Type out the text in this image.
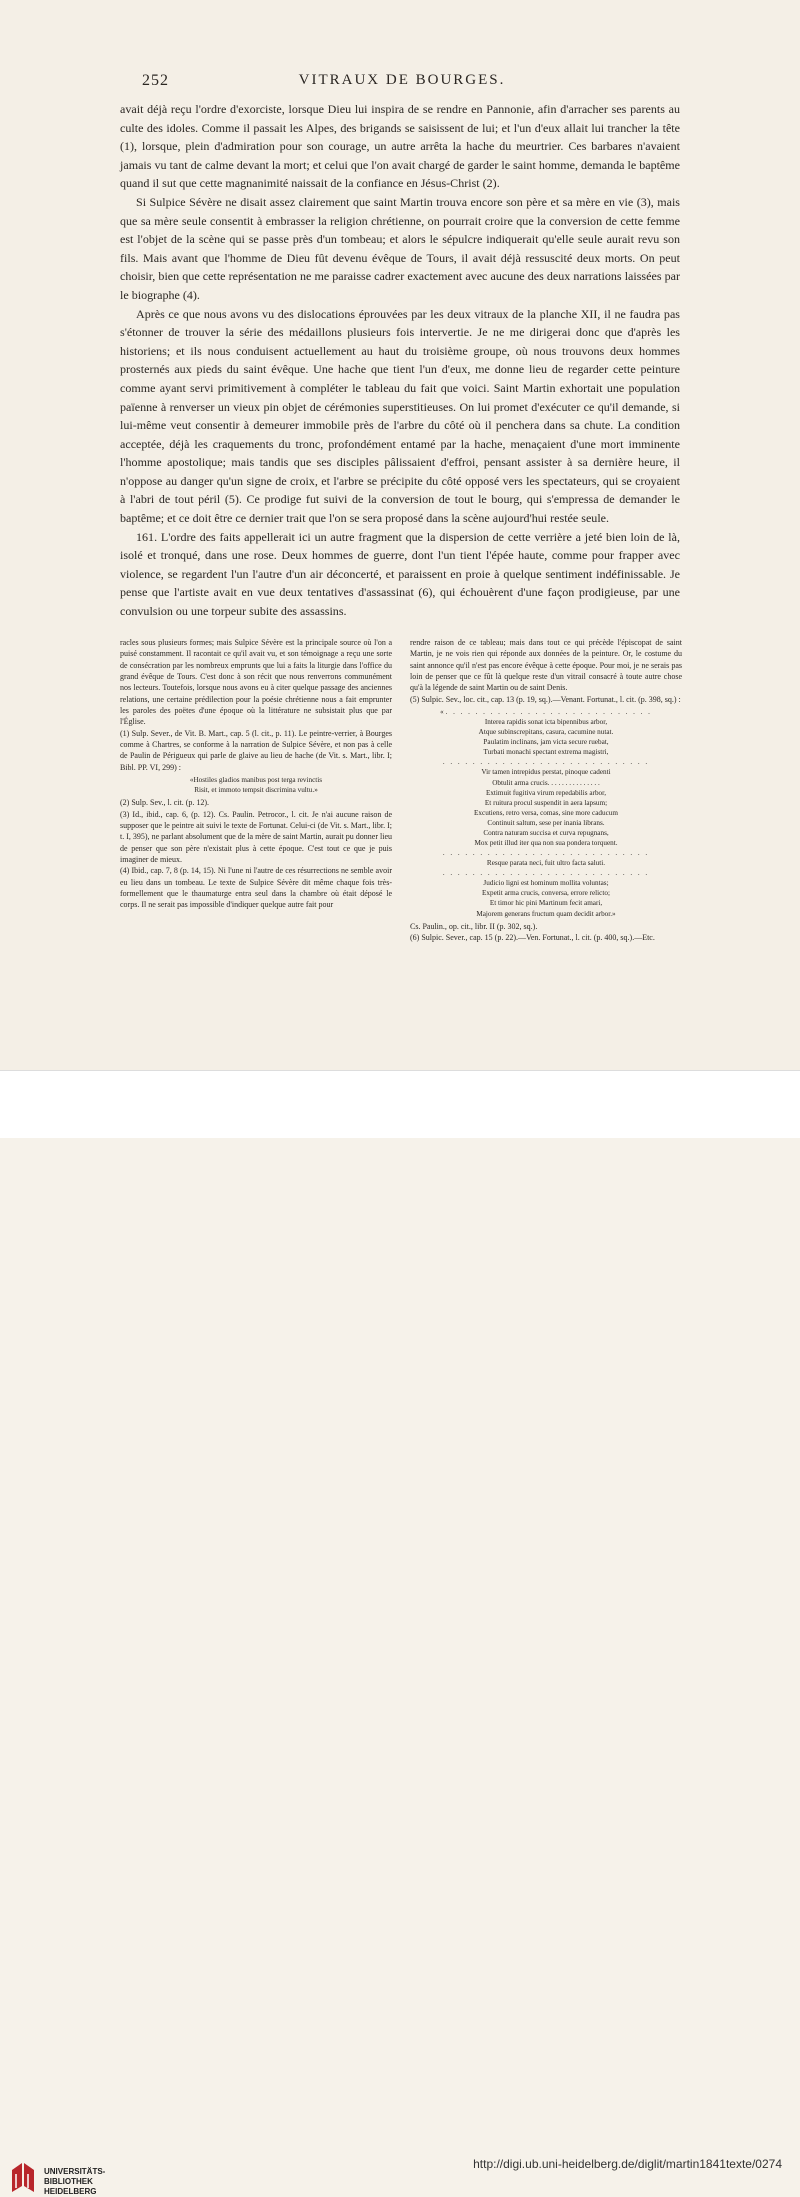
252	VITRAUX DE BOURGES.

avait déjà reçu l'ordre d'exorciste, lorsque Dieu lui inspira de se rendre en Pannonie, afin d'arracher ses parents au culte des idoles. Comme il passait les Alpes, des brigands se saisissent de lui; et l'un d'eux allait lui trancher la tête (1), lorsque, plein d'admiration pour son courage, un autre arrêta la hache du meurtrier. Ces barbares n'avaient jamais vu tant de calme devant la mort; et celui que l'on avait chargé de garder le saint homme, demanda le baptême quand il sut que cette magnanimité naissait de la confiance en Jésus-Christ (2).

Si Sulpice Sévère ne disait assez clairement que saint Martin trouva encore son père et sa mère en vie (3), mais que sa mère seule consentit à embrasser la religion chrétienne, on pourrait croire que la conversion de cette femme est l'objet de la scène qui se passe près d'un tombeau; et alors le sépulcre indiquerait qu'elle seule aurait revu son fils. Mais avant que l'homme de Dieu fût devenu évêque de Tours, il avait déjà ressuscité deux morts. On peut choisir, bien que cette représentation ne me paraisse cadrer exactement avec aucune des deux narrations laissées par le biographe (4).

Après ce que nous avons vu des dislocations éprouvées par les deux vitraux de la planche XII, il ne faudra pas s'étonner de trouver la série des médaillons plusieurs fois intervertie. Je ne me dirigerai donc que d'après les historiens; et ils nous conduisent actuellement au haut du troisième groupe, où nous trouvons deux hommes prosternés aux pieds du saint évêque. Une hache que tient l'un d'eux, me donne lieu de regarder cette peinture comme ayant servi primitivement à compléter le tableau du fait que voici. Saint Martin exhortait une population païenne à renverser un vieux pin objet de cérémonies superstitieuses. On lui promet d'exécuter ce qu'il demande, si lui-même veut consentir à demeurer immobile près de l'arbre du côté où il penchera dans sa chute. La condition acceptée, déjà les craquements du tronc, profondément entamé par la hache, menaçaient d'une mort imminente l'homme apostolique; mais tandis que ses disciples pâlissaient d'effroi, pensant assister à sa dernière heure, il n'oppose au danger qu'un signe de croix, et l'arbre se précipite du côté opposé vers les spectateurs, qui se croyaient à l'abri de tout péril (5). Ce prodige fut suivi de la conversion de tout le bourg, qui s'empressa de demander le baptême; et ce doit être ce dernier trait que l'on se sera proposé dans la scène aujourd'hui restée seule.

161. L'ordre des faits appellerait ici un autre fragment que la dispersion de cette verrière a jeté bien loin de là, isolé et tronqué, dans une rose. Deux hommes de guerre, dont l'un tient l'épée haute, comme pour frapper avec violence, se regardent l'un l'autre d'un air déconcerté, et paraissent en proie à quelque sentiment indéfinissable. Je pense que l'artiste avait en vue deux tentatives d'assassinat (6), qui échouèrent d'une façon prodigieuse, par une convulsion ou une torpeur subite des assassins.

racles sous plusieurs formes; mais Sulpice Sévère est la principale source où l'on a puisé constamment. Il racontait ce qu'il avait vu, et son témoignage a reçu une sorte de consécration par les nombreux emprunts que lui a faits la liturgie dans l'office du grand évêque de Tours. C'est donc à son récit que nous renverrons communément nos lecteurs. Toutefois, lorsque nous avons eu à citer quelque passage des anciennes relations, une certaine prédilection pour la poésie chrétienne nous a fait emprunter les paroles des poëtes d'une époque où la littérature ne subsistait plus que par l'Église.

(1) Sulp. Sever., de Vit. B. Mart., cap. 5 (l. cit., p. 11). Le peintre-verrier, à Bourges comme à Chartres, se conforme à la narration de Sulpice Sévère, et non pas à celle de Paulin de Périgueux qui parle de glaive au lieu de hache (de Vit. s. Mart., libr. I; Bibl. PP. VI, 299) :

«Hostiles gladios manibus post terga revinctis
Risit, et immoto tempsit discrimina vultu.»

(2) Sulp. Sev., l. cit. (p. 12).

(3) Id., ibid., cap. 6, (p. 12). Cs. Paulin. Petrocor., l. cit. Je n'ai aucune raison de supposer que le peintre ait suivi le texte de Fortunat. Celui-ci (de Vit. s. Mart., libr. I; t. I, 395), ne parlant absolument que de la mère de saint Martin, aurait pu donner lieu de penser que son père n'existait plus à cette époque. C'est tout ce que je puis imaginer de mieux.

(4) Ibid., cap. 7, 8 (p. 14, 15). Ni l'une ni l'autre de ces résurrections ne semble avoir eu lieu dans un tombeau. Le texte de Sulpice Sévère dit même chaque fois très-formellement que le thaumaturge entra seul dans la chambre où était déposé le corps. Il ne serait pas impossible d'indiquer quelque autre fait pour

rendre raison de ce tableau; mais dans tout ce qui précède l'épiscopat de saint Martin, je ne vois rien qui réponde aux données de la peinture. Or, le costume du saint annonce qu'il n'est pas encore évêque à cette époque. Pour moi, je ne serais pas loin de penser que ce fût là quelque reste d'un vitrail consacré à toute autre chose qu'à la légende de saint Martin ou de saint Denis.

(5) Sulpic. Sev., loc. cit., cap. 13 (p. 19, sq.).—Venant. Fortunat., l. cit. (p. 398, sq.) :

«. . . . . . . . . . . . . . . . . . . . . . . . . . . .
Interea rapidis sonat icta bipennibus arbor,
Atque subinscrepitans, casura, cacumine nutat.
Paulatim inclinans, jam victa secure ruebat,
Turbati monachi spectant extrema magistri,
. . . . . . . . . . . . . . . . . . . . . . . . . . . .
Vir tamen intrepidus perstat, pinoque cadenti
Obtulit arma crucis. . . . . . . . . . . . . . .
Extimuit fugitiva virum repedabilis arbor,
Et ruitura procul suspendit in aera lapsum;
Excutiens, retro versa, comas, sine more caducum
Continuit saltum, sese per inania librans.
Contra naturam succisa et curva repugnans,
Mox petit illud iter qua non sua pondera torquent.
. . . . . . . . . . . . . . . . . . . . . . . . . . . .
Resque parata neci, fuit ultro facta saluti.
. . . . . . . . . . . . . . . . . . . . . . . . . . . .
Judicio ligni est hominum mollita voluntas;
Expetit arma crucis, conversa, errore relicto;
Et timor hic pini Martinum fecit amari,
Majorem generans fructum quam decidit arbor.»

Cs. Paulin., op. cit., libr. II (p. 302, sq.).

(6) Sulpic. Sever., cap. 15 (p. 22).—Ven. Fortunat., l. cit. (p. 400, sq.).—Etc.

UNIVERSITÄTS-
BIBLIOTHEK
HEIDELBERG
http://digi.ub.uni-heidelberg.de/diglit/martin1841texte/0274
